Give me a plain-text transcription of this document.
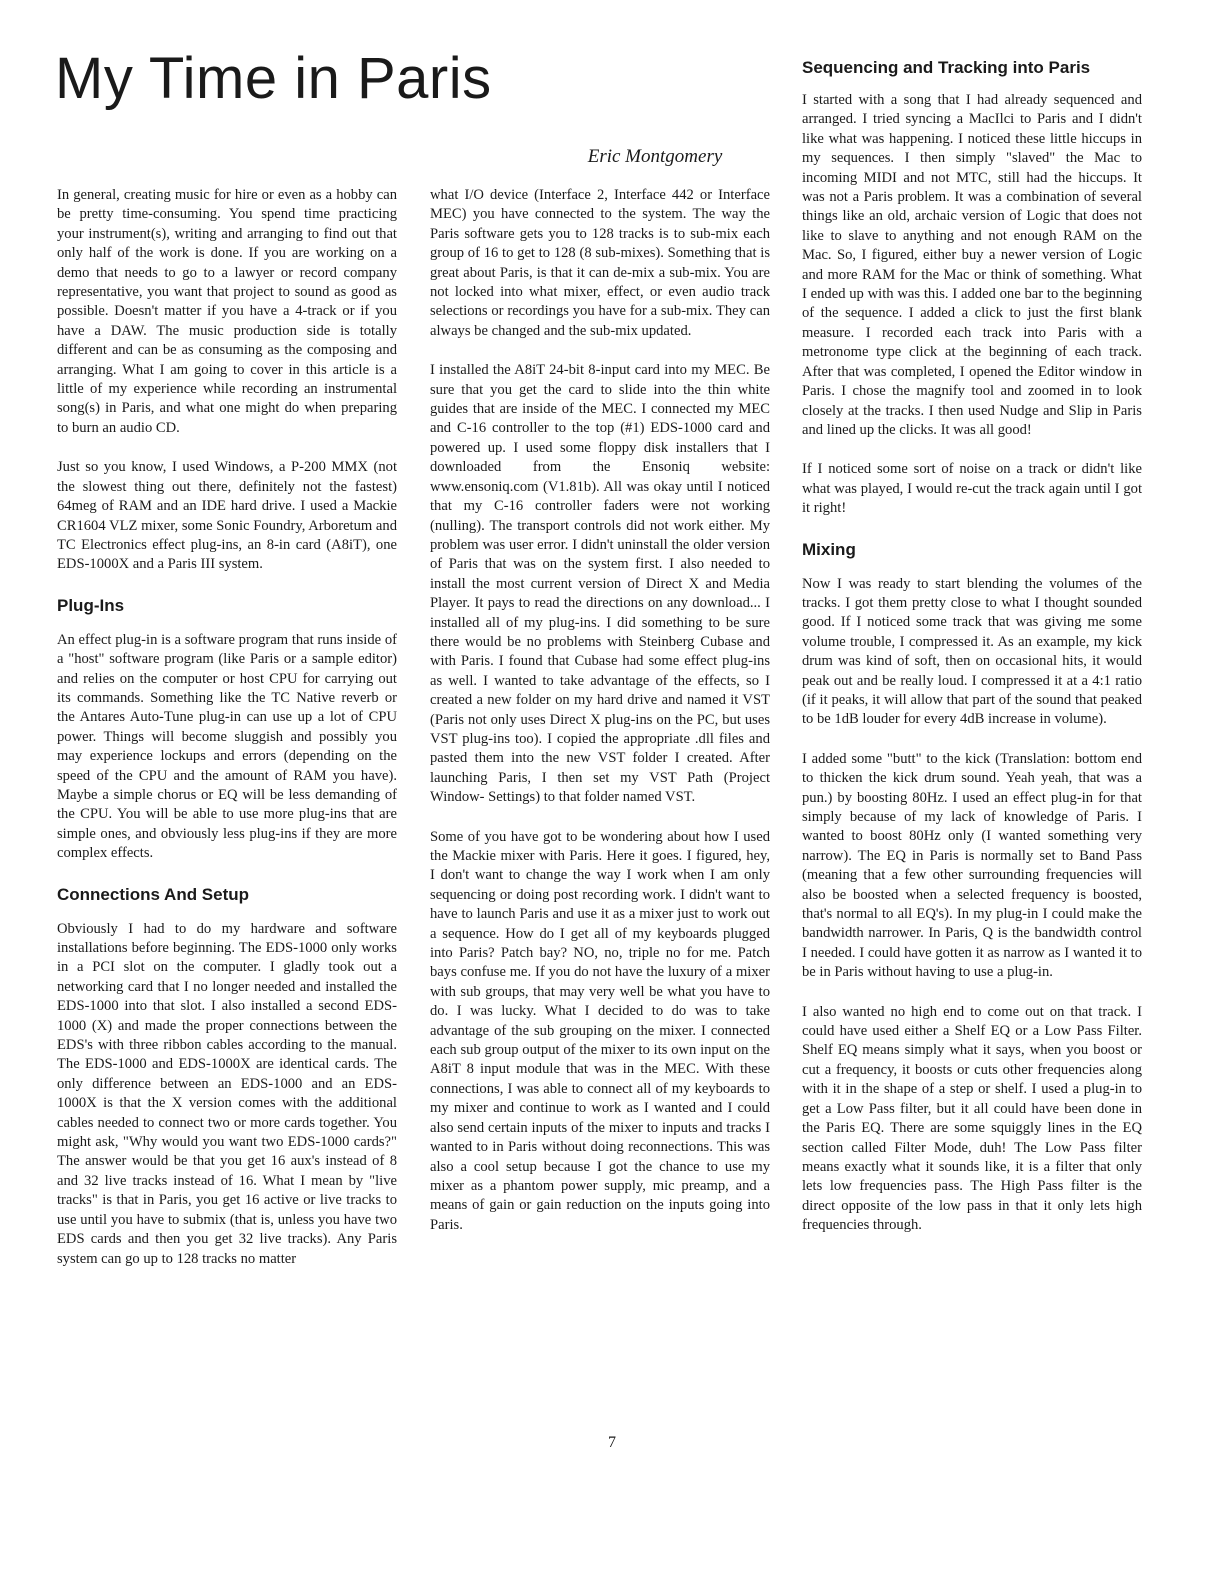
My Time in Paris
Eric Montgomery

In general, creating music for hire or even as a hobby can be pretty time-consuming. You spend time practicing your instrument(s), writing and arranging to find out that only half of the work is done. If you are working on a demo that needs to go to a lawyer or record company representative, you want that project to sound as good as possible. Doesn't matter if you have a 4-track or if you have a DAW. The music production side is totally different and can be as consuming as the composing and arranging. What I am going to cover in this article is a little of my experience while recording an instrumental song(s) in Paris, and what one might do when preparing to burn an audio CD.

Just so you know, I used Windows, a P-200 MMX (not the slowest thing out there, definitely not the fastest) 64meg of RAM and an IDE hard drive. I used a Mackie CR1604 VLZ mixer, some Sonic Foundry, Arboretum and TC Electronics effect plug-ins, an 8-in card (A8iT), one EDS-1000X and a Paris III system.

Plug-Ins

An effect plug-in is a software program that runs inside of a "host" software program (like Paris or a sample editor) and relies on the computer or host CPU for carrying out its commands. Something like the TC Native reverb or the Antares Auto-Tune plug-in can use up a lot of CPU power. Things will become sluggish and possibly you may experience lockups and errors (depending on the speed of the CPU and the amount of RAM you have). Maybe a simple chorus or EQ will be less demanding of the CPU. You will be able to use more plug-ins that are simple ones, and obviously less plug-ins if they are more complex effects.

Connections And Setup

Obviously I had to do my hardware and software installations before beginning. The EDS-1000 only works in a PCI slot on the computer. I gladly took out a networking card that I no longer needed and installed the EDS-1000 into that slot. I also installed a second EDS-1000 (X) and made the proper connections between the EDS's with three ribbon cables according to the manual. The EDS-1000 and EDS-1000X are identical cards. The only difference between an EDS-1000 and an EDS-1000X is that the X version comes with the additional cables needed to connect two or more cards together. You might ask, "Why would you want two EDS-1000 cards?" The answer would be that you get 16 aux's instead of 8 and 32 live tracks instead of 16. What I mean by "live tracks" is that in Paris, you get 16 active or live tracks to use until you have to submix (that is, unless you have two EDS cards and then you get 32 live tracks). Any Paris system can go up to 128 tracks no matter

what I/O device (Interface 2, Interface 442 or Interface MEC) you have connected to the system. The way the Paris software gets you to 128 tracks is to sub-mix each group of 16 to get to 128 (8 sub-mixes). Something that is great about Paris, is that it can de-mix a sub-mix. You are not locked into what mixer, effect, or even audio track selections or recordings you have for a sub-mix. They can always be changed and the sub-mix updated.

I installed the A8iT 24-bit 8-input card into my MEC. Be sure that you get the card to slide into the thin white guides that are inside of the MEC. I connected my MEC and C-16 controller to the top (#1) EDS-1000 card and powered up. I used some floppy disk installers that I downloaded from the Ensoniq website: www.ensoniq.com (V1.81b). All was okay until I noticed that my C-16 controller faders were not working (nulling). The transport controls did not work either. My problem was user error. I didn't uninstall the older version of Paris that was on the system first. I also needed to install the most current version of Direct X and Media Player. It pays to read the directions on any download... I installed all of my plug-ins. I did something to be sure there would be no problems with Steinberg Cubase and with Paris. I found that Cubase had some effect plug-ins as well. I wanted to take advantage of the effects, so I created a new folder on my hard drive and named it VST (Paris not only uses Direct X plug-ins on the PC, but uses VST plug-ins too). I copied the appropriate .dll files and pasted them into the new VST folder I created. After launching Paris, I then set my VST Path (Project Window- Settings) to that folder named VST.

Some of you have got to be wondering about how I used the Mackie mixer with Paris. Here it goes. I figured, hey, I don't want to change the way I work when I am only sequencing or doing post recording work. I didn't want to have to launch Paris and use it as a mixer just to work out a sequence. How do I get all of my keyboards plugged into Paris? Patch bay? NO, no, triple no for me. Patch bays confuse me. If you do not have the luxury of a mixer with sub groups, that may very well be what you have to do. I was lucky. What I decided to do was to take advantage of the sub grouping on the mixer. I connected each sub group output of the mixer to its own input on the A8iT 8 input module that was in the MEC. With these connections, I was able to connect all of my keyboards to my mixer and continue to work as I wanted and I could also send certain inputs of the mixer to inputs and tracks I wanted to in Paris without doing reconnections. This was also a cool setup because I got the chance to use my mixer as a phantom power supply, mic preamp, and a means of gain or gain reduction on the inputs going into Paris.

Sequencing and Tracking into Paris

I started with a song that I had already sequenced and arranged. I tried syncing a MacIlci to Paris and I didn't like what was happening. I noticed these little hiccups in my sequences. I then simply "slaved" the Mac to incoming MIDI and not MTC, still had the hiccups. It was not a Paris problem. It was a combination of several things like an old, archaic version of Logic that does not like to slave to anything and not enough RAM on the Mac. So, I figured, either buy a newer version of Logic and more RAM for the Mac or think of something. What I ended up with was this. I added one bar to the beginning of the sequence. I added a click to just the first blank measure. I recorded each track into Paris with a metronome type click at the beginning of each track. After that was completed, I opened the Editor window in Paris. I chose the magnify tool and zoomed in to look closely at the tracks. I then used Nudge and Slip in Paris and lined up the clicks. It was all good!

If I noticed some sort of noise on a track or didn't like what was played, I would re-cut the track again until I got it right!

Mixing

Now I was ready to start blending the volumes of the tracks. I got them pretty close to what I thought sounded good. If I noticed some track that was giving me some volume trouble, I compressed it. As an example, my kick drum was kind of soft, then on occasional hits, it would peak out and be really loud. I compressed it at a 4:1 ratio (if it peaks, it will allow that part of the sound that peaked to be 1dB louder for every 4dB increase in volume).

I added some "butt" to the kick (Translation: bottom end to thicken the kick drum sound. Yeah yeah, that was a pun.) by boosting 80Hz. I used an effect plug-in for that simply because of my lack of knowledge of Paris. I wanted to boost 80Hz only (I wanted something very narrow). The EQ in Paris is normally set to Band Pass (meaning that a few other surrounding frequencies will also be boosted when a selected frequency is boosted, that's normal to all EQ's). In my plug-in I could make the bandwidth narrower. In Paris, Q is the bandwidth control I needed. I could have gotten it as narrow as I wanted it to be in Paris without having to use a plug-in.

I also wanted no high end to come out on that track. I could have used either a Shelf EQ or a Low Pass Filter. Shelf EQ means simply what it says, when you boost or cut a frequency, it boosts or cuts other frequencies along with it in the shape of a step or shelf. I used a plug-in to get a Low Pass filter, but it all could have been done in the Paris EQ. There are some squiggly lines in the EQ section called Filter Mode, duh! The Low Pass filter means exactly what it sounds like, it is a filter that only lets low frequencies pass. The High Pass filter is the direct opposite of the low pass in that it only lets high frequencies through.

7
